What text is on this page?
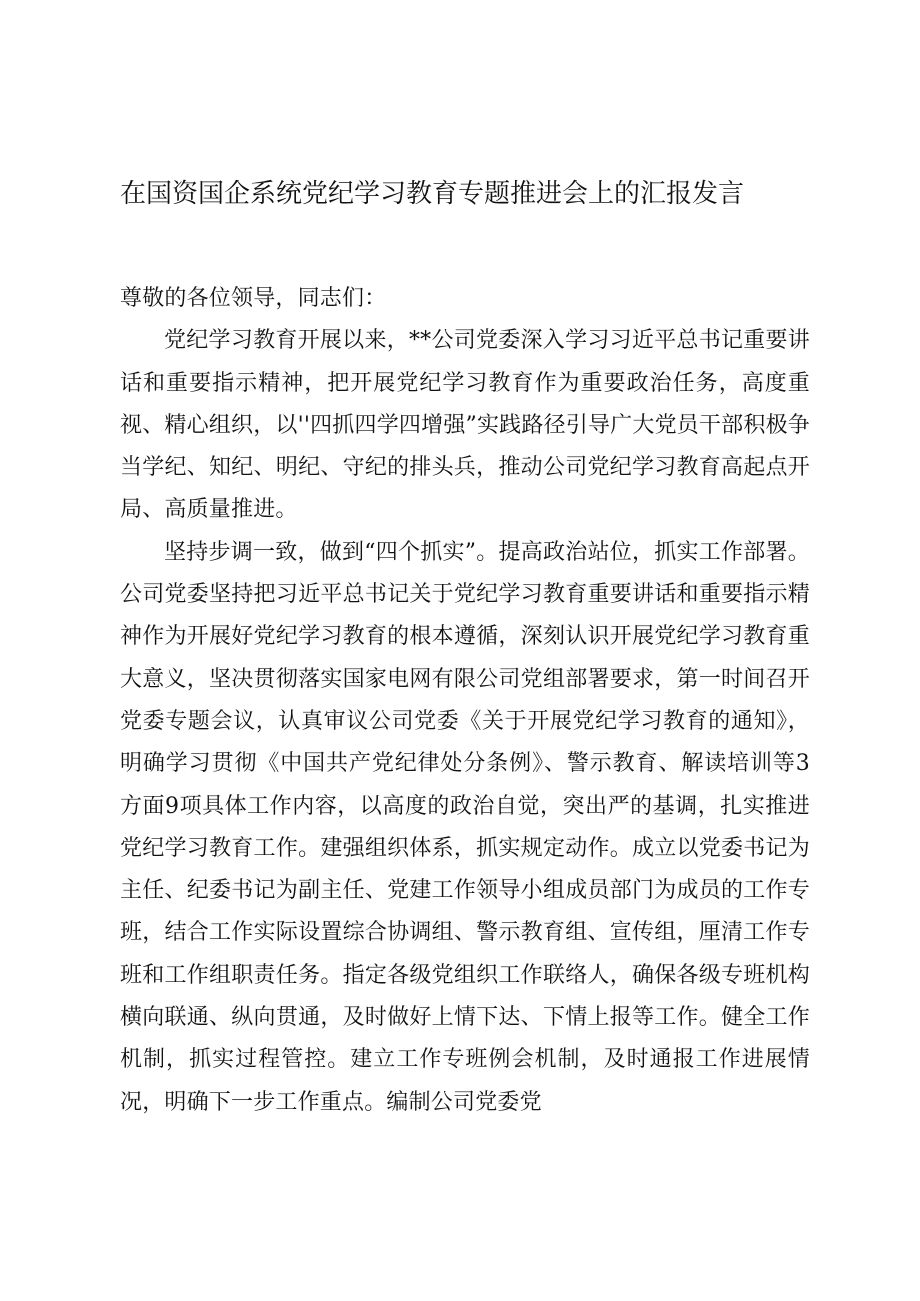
在国资国企系统党纪学习教育专题推进会上的汇报发言

尊敬的各位领导，同志们：

党纪学习教育开展以来，**公司党委深入学习习近平总书记重要讲话和重要指示精神，把开展党纪学习教育作为重要政治任务，高度重视、精心组织，以''四抓四学四增强”实践路径引导广大党员干部积极争当学纪、知纪、明纪、守纪的排头兵，推动公司党纪学习教育高起点开局、高质量推进。

坚持步调一致，做到“四个抓实”。提高政治站位，抓实工作部署。公司党委坚持把习近平总书记关于党纪学习教育重要讲话和重要指示精神作为开展好党纪学习教育的根本遵循，深刻认识开展党纪学习教育重大意义，坚决贯彻落实国家电网有限公司党组部署要求，第一时间召开党委专题会议，认真审议公司党委《关于开展党纪学习教育的通知》，明确学习贯彻《中国共产党纪律处分条例》、警示教育、解读培训等3方面9项具体工作内容，以高度的政治自觉，突出严的基调，扎实推进党纪学习教育工作。建强组织体系，抓实规定动作。成立以党委书记为主任、纪委书记为副主任、党建工作领导小组成员部门为成员的工作专班，结合工作实际设置综合协调组、警示教育组、宣传组，厘清工作专班和工作组职责任务。指定各级党组织工作联络人，确保各级专班机构横向联通、纵向贯通，及时做好上情下达、下情上报等工作。健全工作机制，抓实过程管控。建立工作专班例会机制，及时通报工作进展情况，明确下一步工作重点。编制公司党委党
